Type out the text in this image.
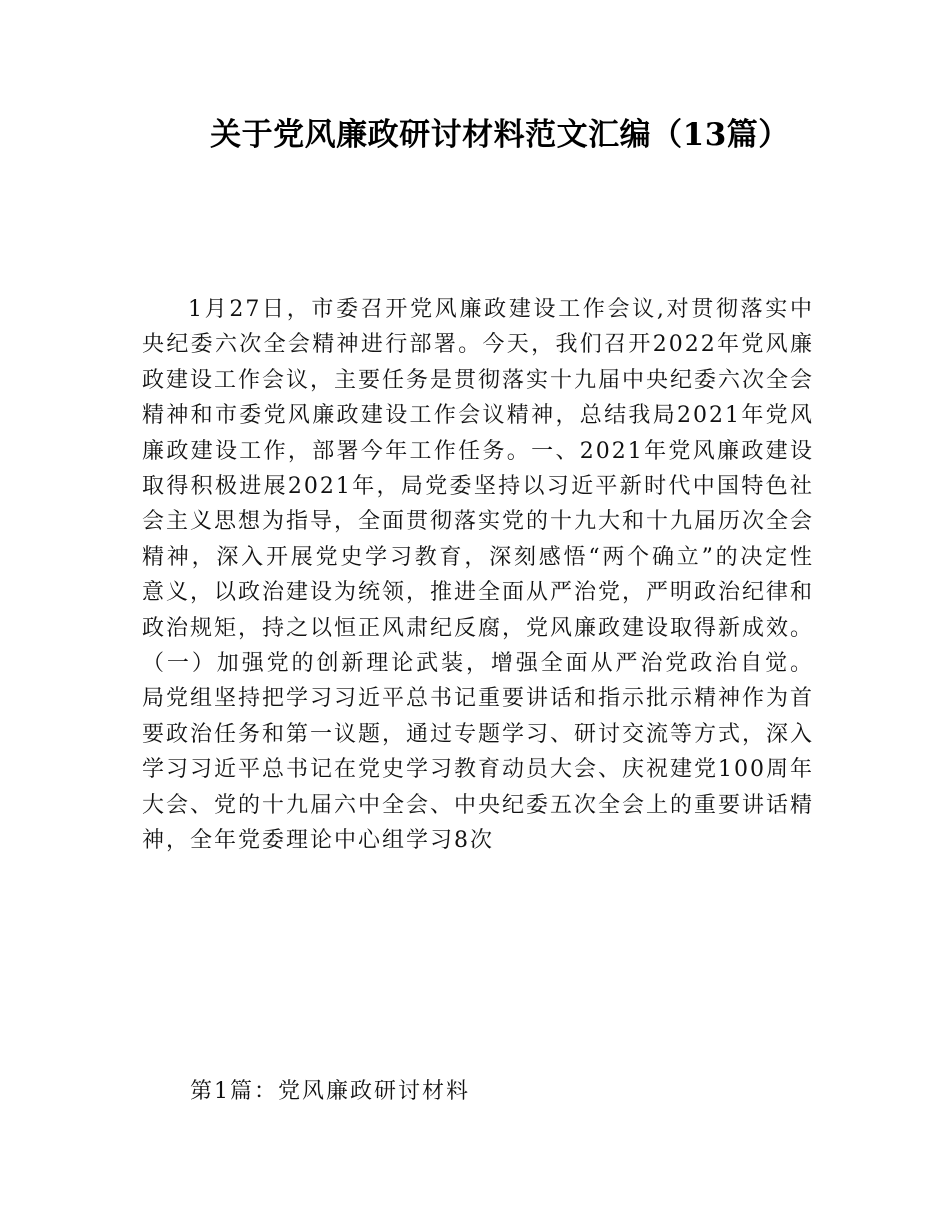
关于党风廉政研讨材料范文汇编（13篇）

1月27日，市委召开党风廉政建设工作会议,对贯彻落实中央纪委六次全会精神进行部署。今天，我们召开2022年党风廉政建设工作会议，主要任务是贯彻落实十九届中央纪委六次全会精神和市委党风廉政建设工作会议精神，总结我局2021年党风廉政建设工作，部署今年工作任务。一、2021年党风廉政建设取得积极进展2021年，局党委坚持以习近平新时代中国特色社会主义思想为指导，全面贯彻落实党的十九大和十九届历次全会精神，深入开展党史学习教育，深刻感悟“两个确立”的决定性意义，以政治建设为统领，推进全面从严治党，严明政治纪律和政治规矩，持之以恒正风肃纪反腐，党风廉政建设取得新成效。（一）加强党的创新理论武装，增强全面从严治党政治自觉。局党组坚持把学习习近平总书记重要讲话和指示批示精神作为首要政治任务和第一议题，通过专题学习、研讨交流等方式，深入学习习近平总书记在党史学习教育动员大会、庆祝建党100周年大会、党的十九届六中全会、中央纪委五次全会上的重要讲话精神，全年党委理论中心组学习8次

第1篇：党风廉政研讨材料
